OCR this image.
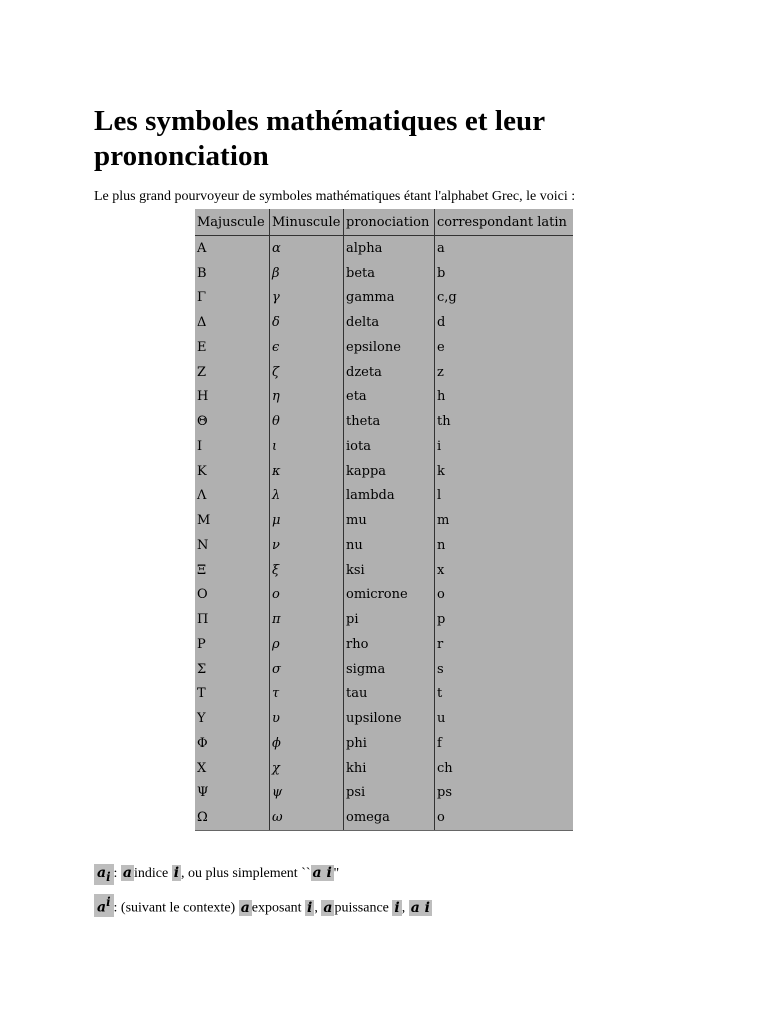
Les symboles mathématiques et leur prononciation
Le plus grand pourvoyeur de symboles mathématiques étant l'alphabet Grec, le voici :
Majuscule	Minuscule	pronociation	correspondant latin
Α	α	alpha	a
Β	β	beta	b
Γ	γ	gamma	c,g
Δ	δ	delta	d
Ε	ϵ	epsilone	e
Ζ	ζ	dzeta	z
Η	η	eta	h
Θ	θ	theta	th
Ι	ι	iota	i
Κ	κ	kappa	k
Λ	λ	lambda	l
Μ	μ	mu	m
Ν	ν	nu	n
Ξ	ξ	ksi	x
Ο	o	omicrone	o
Π	π	pi	p
Ρ	ρ	rho	r
Σ	σ	sigma	s
Τ	τ	tau	t
Υ	υ	upsilone	u
Φ	ϕ	phi	f
Χ	χ	khi	ch
Ψ	ψ	psi	ps
Ω	ω	omega	o
$a_i$ : a indice i , ou plus simplement `` a i ''
$a^i$ : (suivant le contexte) a exposant i , a puissance i , a i
